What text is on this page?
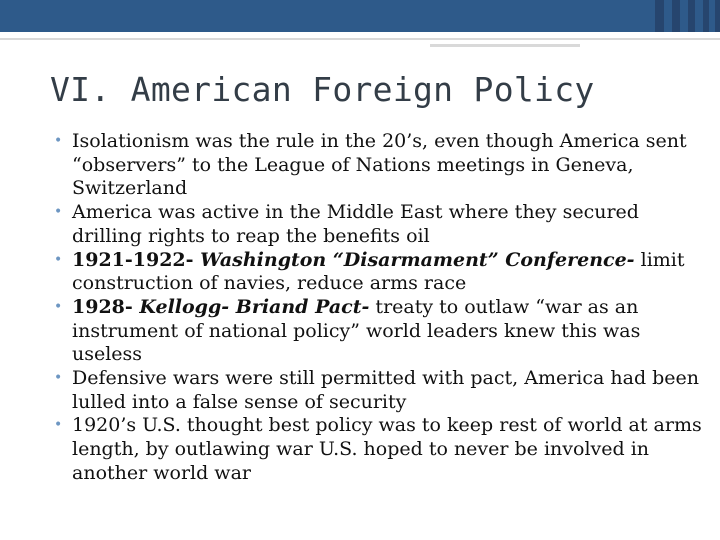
VI. American Foreign Policy
• Isolationism was the rule in the 20’s, even though America sent “observers” to the League of Nations meetings in Geneva, Switzerland
• America was active in the Middle East where they secured drilling rights to reap the benefits oil
• 1921-1922- Washington “Disarmament” Conference- limit construction of navies, reduce arms race
• 1928- Kellogg- Briand Pact- treaty to outlaw “war as an instrument of national policy” world leaders knew this was useless
• Defensive wars were still permitted with pact, America had been lulled into a false sense of security
• 1920’s U.S. thought best policy was to keep rest of world at arms length, by outlawing war U.S. hoped to never be involved in another world war
